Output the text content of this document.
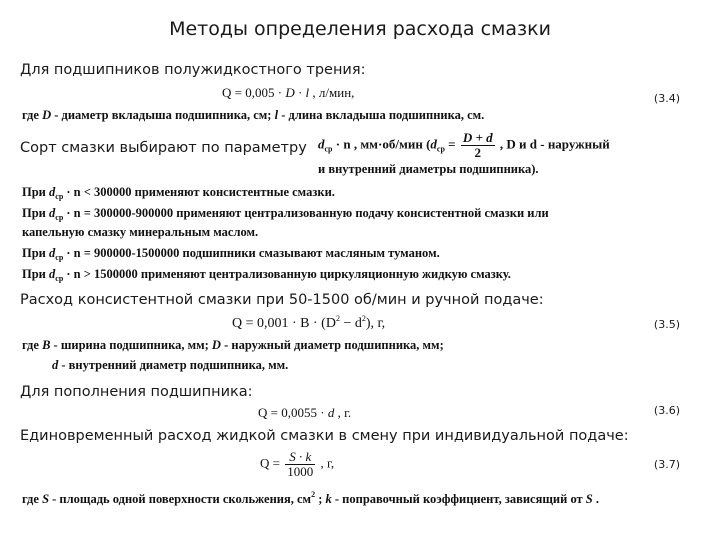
Методы определения расхода смазки
Для подшипников полужидкостного трения:
Q = 0,005 · D · l , л/мин,	(3.4)
где D - диаметр вкладыша подшипника, см; l - длина вкладыша подшипника, см.
Сорт смазки выбирают по параметру $d_{ср} \cdot n$ , мм·об/мин ($d_{ср} = \frac{D + d}{2}$ , D и d - наружный
и внутренний диаметры подшипника).
При $d_{ср} \cdot n < 300000$ применяют консистентные смазки.
При $d_{ср} \cdot n = 300000-900000$ применяют централизованную подачу консистентной смазки или
капельную смазку минеральным маслом.
При $d_{ср} \cdot n = 900000-1500000$ подшипники смазывают масляным туманом.
При $d_{ср} \cdot n > 1500000$ применяют централизованную циркуляционную жидкую смазку.
Расход консистентной смазки при 50-1500 об/мин и ручной подаче:
$Q = 0,001 \cdot B \cdot (D^2 - d^2)$, г,	(3.5)
где B - ширина подшипника, мм; D - наружный диаметр подшипника, мм;
d - внутренний диаметр подшипника, мм.
Для пополнения подшипника:
Q = 0,0055 · d , г.	(3.6)
Единовременный расход жидкой смазки в смену при индивидуальной подаче:
$Q = \frac{S \cdot k}{1000}$ , г,	(3.7)
где S - площадь одной поверхности скольжения, $см^2$ ; k - поправочный коэффициент, зависящий от S .
